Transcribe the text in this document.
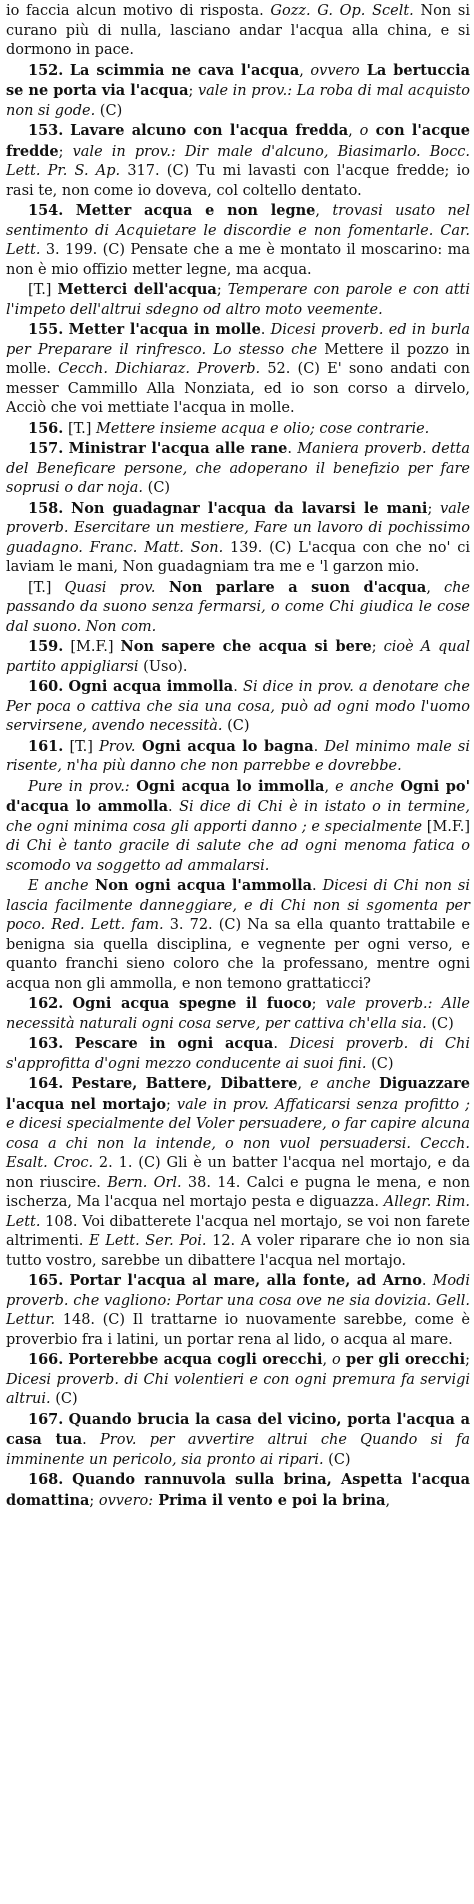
io faccia alcun motivo di risposta. Gozz. G. Op. Scelt. Non si curano più di nulla, lasciano andar l'acqua alla china, e si dormono in pace.

152. La scimmia ne cava l'acqua, ovvero La bertuccia se ne porta via l'acqua; vale in prov.: La roba di mal acquisto non si gode. (C)

153. Lavare alcuno con l'acqua fredda, o con l'acque fredde; vale in prov.: Dir male d'alcuno, Biasimarlo. Bocc. Lett. Pr. S. Ap. 317. (C) Tu mi lavasti con l'acque fredde; io rasi te, non come io doveva, col coltello dentato.

154. Metter acqua e non legne, trovasi usato nel sentimento di Acquietare le discordie e non fomentarle. Car. Lett. 3. 199. (C) Pensate che a me è montato il moscarino: ma non è mio offizio metter legne, ma acqua.

[T.] Metterci dell'acqua; Temperare con parole e con atti l'impeto dell'altrui sdegno od altro moto veemente.

155. Metter l'acqua in molle. Dicesi proverb. ed in burla per Preparare il rinfresco. Lo stesso che Mettere il pozzo in molle. Cecch. Dichiaraz. Proverb. 52. (C) E' sono andati con messer Cammillo Alla Nonziata, ed io son corso a dirvelo, Acciò che voi mettiate l'acqua in molle.

156. [T.] Mettere insieme acqua e olio; cose contrarie.

157. Ministrar l'acqua alle rane. Maniera proverb. detta del Beneficare persone, che adoperano il benefizio per fare soprusi o dar noja. (C)

158. Non guadagnar l'acqua da lavarsi le mani; vale proverb. Esercitare un mestiere, Fare un lavoro di pochissimo guadagno. Franc. Matt. Son. 139. (C) L'acqua con che no' ci laviam le mani, Non guadagniam tra me e 'l garzon mio.

[T.] Quasi prov. Non parlare a suon d'acqua, che passando da suono senza fermarsi, o come Chi giudica le cose dal suono. Non com.

159. [M.F.] Non sapere che acqua si bere; cioè A qual partito appigliarsi (Uso).

160. Ogni acqua immolla. Si dice in prov. a denotare che Per poca o cattiva che sia una cosa, può ad ogni modo l'uomo servirsene, avendo necessità. (C)

161. [T.] Prov. Ogni acqua lo bagna. Del minimo male si risente, n'ha più danno che non parrebbe e dovrebbe.

Pure in prov.: Ogni acqua lo immolla, e anche Ogni po' d'acqua lo ammolla. Si dice di Chi è in istato o in termine, che ogni minima cosa gli apporti danno ; e specialmente [M.F.] di Chi è tanto gracile di salute che ad ogni menoma fatica o scomodo va soggetto ad ammalarsi.

E anche Non ogni acqua l'ammolla. Dicesi di Chi non si lascia facilmente danneggiare, e di Chi non si sgomenta per poco. Red. Lett. fam. 3. 72. (C) Na sa ella quanto trattabile e benigna sia quella disciplina, e vegnente per ogni verso, e quanto franchi sieno coloro che la professano, mentre ogni acqua non gli ammolla, e non temono grattaticci?

162. Ogni acqua spegne il fuoco; vale proverb.: Alle necessità naturali ogni cosa serve, per cattiva ch'ella sia. (C)

163. Pescare in ogni acqua. Dicesi proverb. di Chi s'approfitta d'ogni mezzo conducente ai suoi fini. (C)

164. Pestare, Battere, Dibattere, e anche Diguazzare l'acqua nel mortajo; vale in prov. Affaticarsi senza profitto ; e dicesi specialmente del Voler persuadere, o far capire alcuna cosa a chi non la intende, o non vuol persuadersi. Cecch. Esalt. Croc. 2. 1. (C) Gli è un batter l'acqua nel mortajo, e da non riuscire. Bern. Orl. 38. 14. Calci e pugna le mena, e non ischerza, Ma l'acqua nel mortajo pesta e diguazza. Allegr. Rim. Lett. 108. Voi dibatterete l'acqua nel mortajo, se voi non farete altrimenti. E Lett. Ser. Poi. 12. A voler riparare che io non sia tutto vostro, sarebbe un dibattere l'acqua nel mortajo.

165. Portar l'acqua al mare, alla fonte, ad Arno. Modi proverb. che vagliono: Portar una cosa ove ne sia dovizia. Gell. Lettur. 148. (C) Il trattarne io nuovamente sarebbe, come è proverbio fra i latini, un portar rena al lido, o acqua al mare.

166. Porterebbe acqua cogli orecchi, o per gli orecchi; Dicesi proverb. di Chi volentieri e con ogni premura fa servigi altrui. (C)

167. Quando brucia la casa del vicino, porta l'acqua a casa tua. Prov. per avvertire altrui che Quando si fa imminente un pericolo, sia pronto ai ripari. (C)

168. Quando rannuvola sulla brina, Aspetta l'acqua domattina; ovvero: Prima il vento e poi la brina,
